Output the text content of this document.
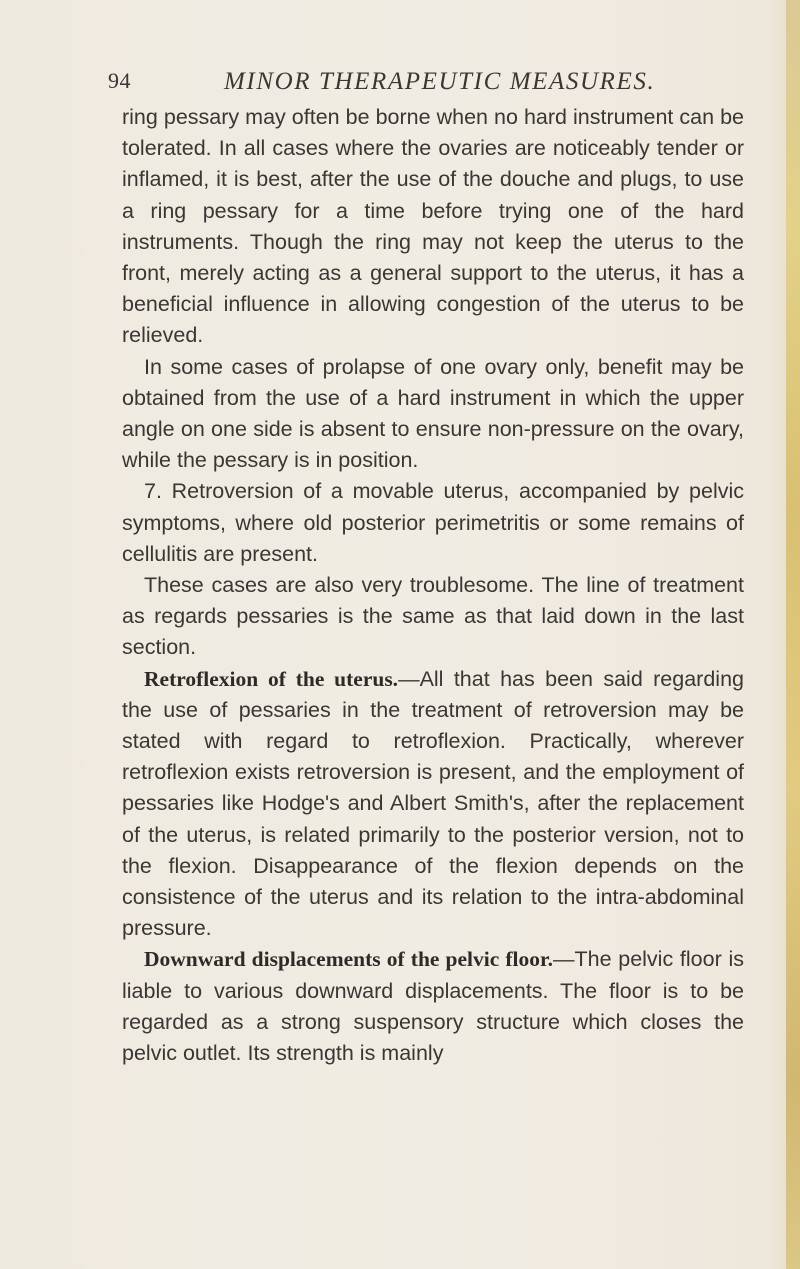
94	MINOR THERAPEUTIC MEASURES.

ring pessary may often be borne when no hard instrument can be tolerated. In all cases where the ovaries are noticeably tender or inflamed, it is best, after the use of the douche and plugs, to use a ring pessary for a time before trying one of the hard instruments. Though the ring may not keep the uterus to the front, merely acting as a general support to the uterus, it has a beneficial influence in allowing congestion of the uterus to be relieved.

In some cases of prolapse of one ovary only, benefit may be obtained from the use of a hard instrument in which the upper angle on one side is absent to ensure non-pressure on the ovary, while the pessary is in position.

7. Retroversion of a movable uterus, accompanied by pelvic symptoms, where old posterior perimetritis or some remains of cellulitis are present.

These cases are also very troublesome. The line of treatment as regards pessaries is the same as that laid down in the last section.

Retroflexion of the uterus.—All that has been said regarding the use of pessaries in the treatment of retroversion may be stated with regard to retroflexion. Practically, wherever retroflexion exists retroversion is present, and the employment of pessaries like Hodge's and Albert Smith's, after the replacement of the uterus, is related primarily to the posterior version, not to the flexion. Disappearance of the flexion depends on the consistence of the uterus and its relation to the intra-abdominal pressure.

Downward displacements of the pelvic floor.—The pelvic floor is liable to various downward displacements. The floor is to be regarded as a strong suspensory structure which closes the pelvic outlet. Its strength is mainly
